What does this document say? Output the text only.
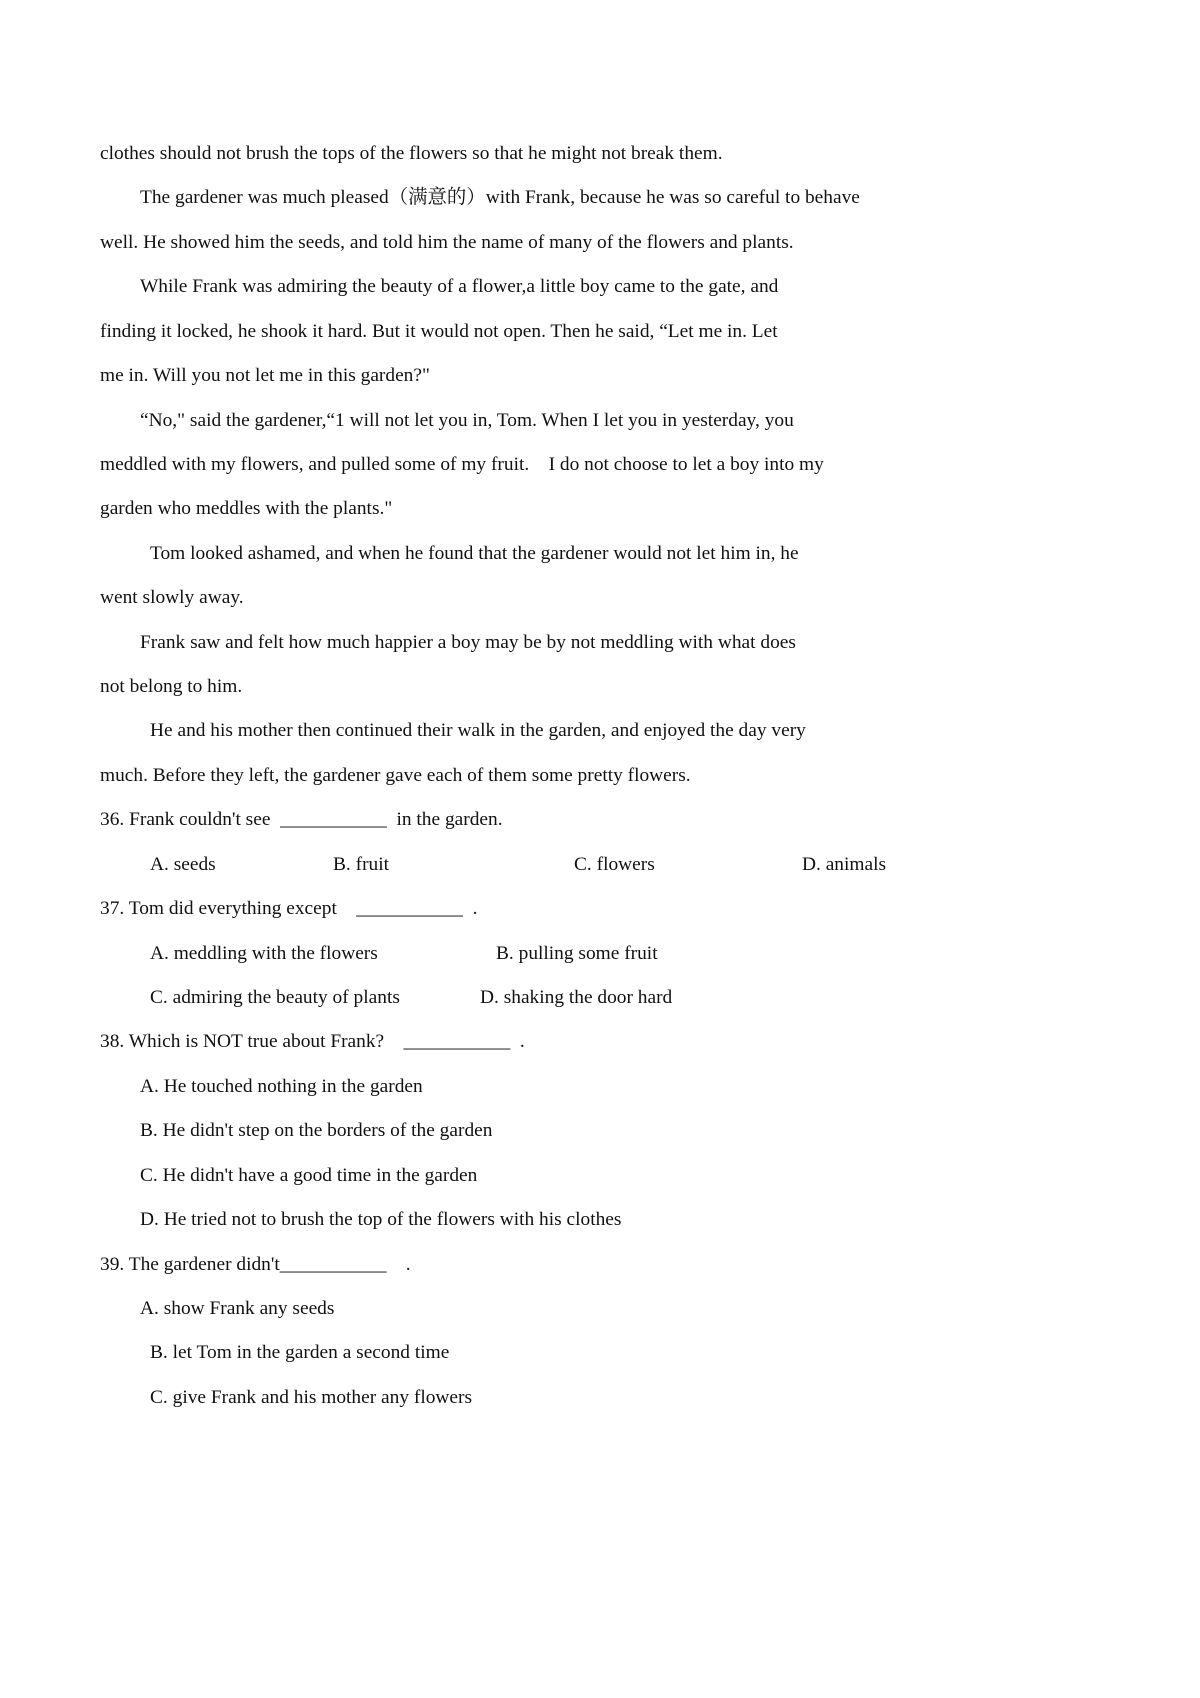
clothes should not brush the tops of the flowers so that he might not break them.
The gardener was much pleased（满意的）with Frank, because he was so careful to behave
well. He showed him the seeds, and told him the name of many of the flowers and plants.
While Frank was admiring the beauty of a flower,a little boy came to the gate, and
finding it locked, he shook it hard. But it would not open. Then he said, “Let me in. Let
me in. Will you not let me in this garden?"
“No," said the gardener,“1 will not let you in, Tom. When I let you in yesterday, you
meddled with my flowers, and pulled some of my fruit.    I do not choose to let a boy into my
garden who meddles with the plants."
Tom looked ashamed, and when he found that the gardener would not let him in, he
went slowly away.
Frank saw and felt how much happier a boy may be by not meddling with what does
not belong to him.
He and his mother then continued their walk in the garden, and enjoyed the day very
much. Before they left, the gardener gave each of them some pretty flowers.
36. Frank couldn't see  ___________  in the garden.

A. seeds

	B. fruit

	C. flowers

	D. animals

37. Tom did everything except    ___________  .

A. meddling with the flowers

	B. pulling some fruit

C. admiring the beauty of plants

	D. shaking the door hard

38. Which is NOT true about Frank?    ___________  .
A. He touched nothing in the garden
B. He didn't step on the borders of the garden
C. He didn't have a good time in the garden
D. He tried not to brush the top of the flowers with his clothes
39. The gardener didn't___________    .
A. show Frank any seeds
B. let Tom in the garden a second time
C. give Frank and his mother any flowers
